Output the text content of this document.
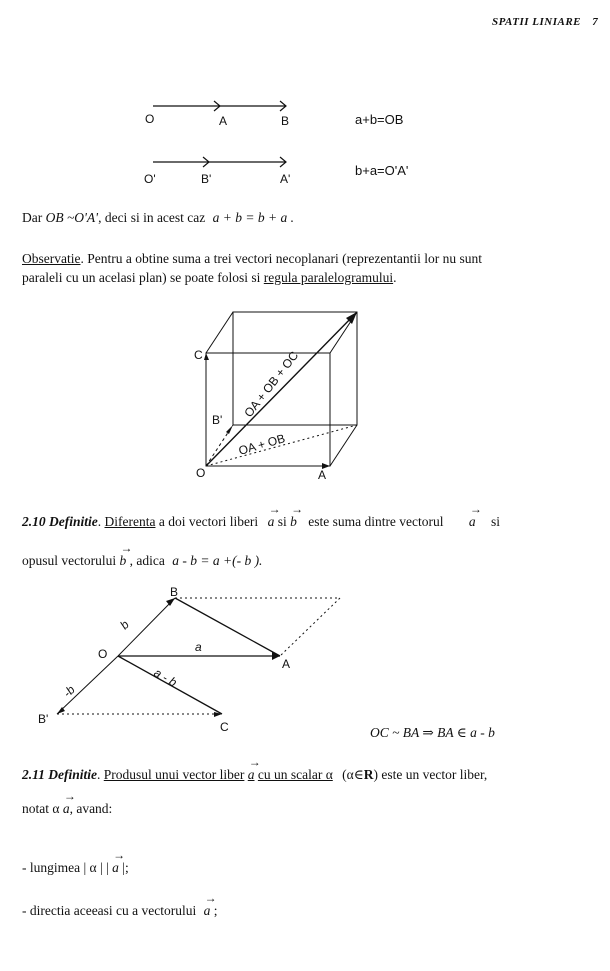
SPATII LINIARE 7
O	A	B	a+b=OB
O'	B'	A'
b+a=O'A'
Dar OB ~O'A', deci si in acest caz a + b = b + a .
Observatie. Pentru a obtine suma a trei vectori necoplanari (reprezentantii lor nu sunt
paraleli cu un acelasi plan) se poate folosi si regula paralelogramului.
OA + OB + OC
OA + OB
C
B'
O	A
2.10 Definitie. Diferenta a doi vectori liberi → a si → b este suma dintre vectorul → a si
opusul vectorului → b , adica a - b = a +(- b ).
B
O
A
B'
C
b
a
a - b
-b
OC ~ BA ⇒ BA ∈ a - b
2.11 Definitie. Produsul unui vector liber → a cu un scalar α (α∈R) este un vector liber,
notat α → a, avand:
- lungimea | α | | → a |;
- directia aceeasi cu a vectorului → a ;
